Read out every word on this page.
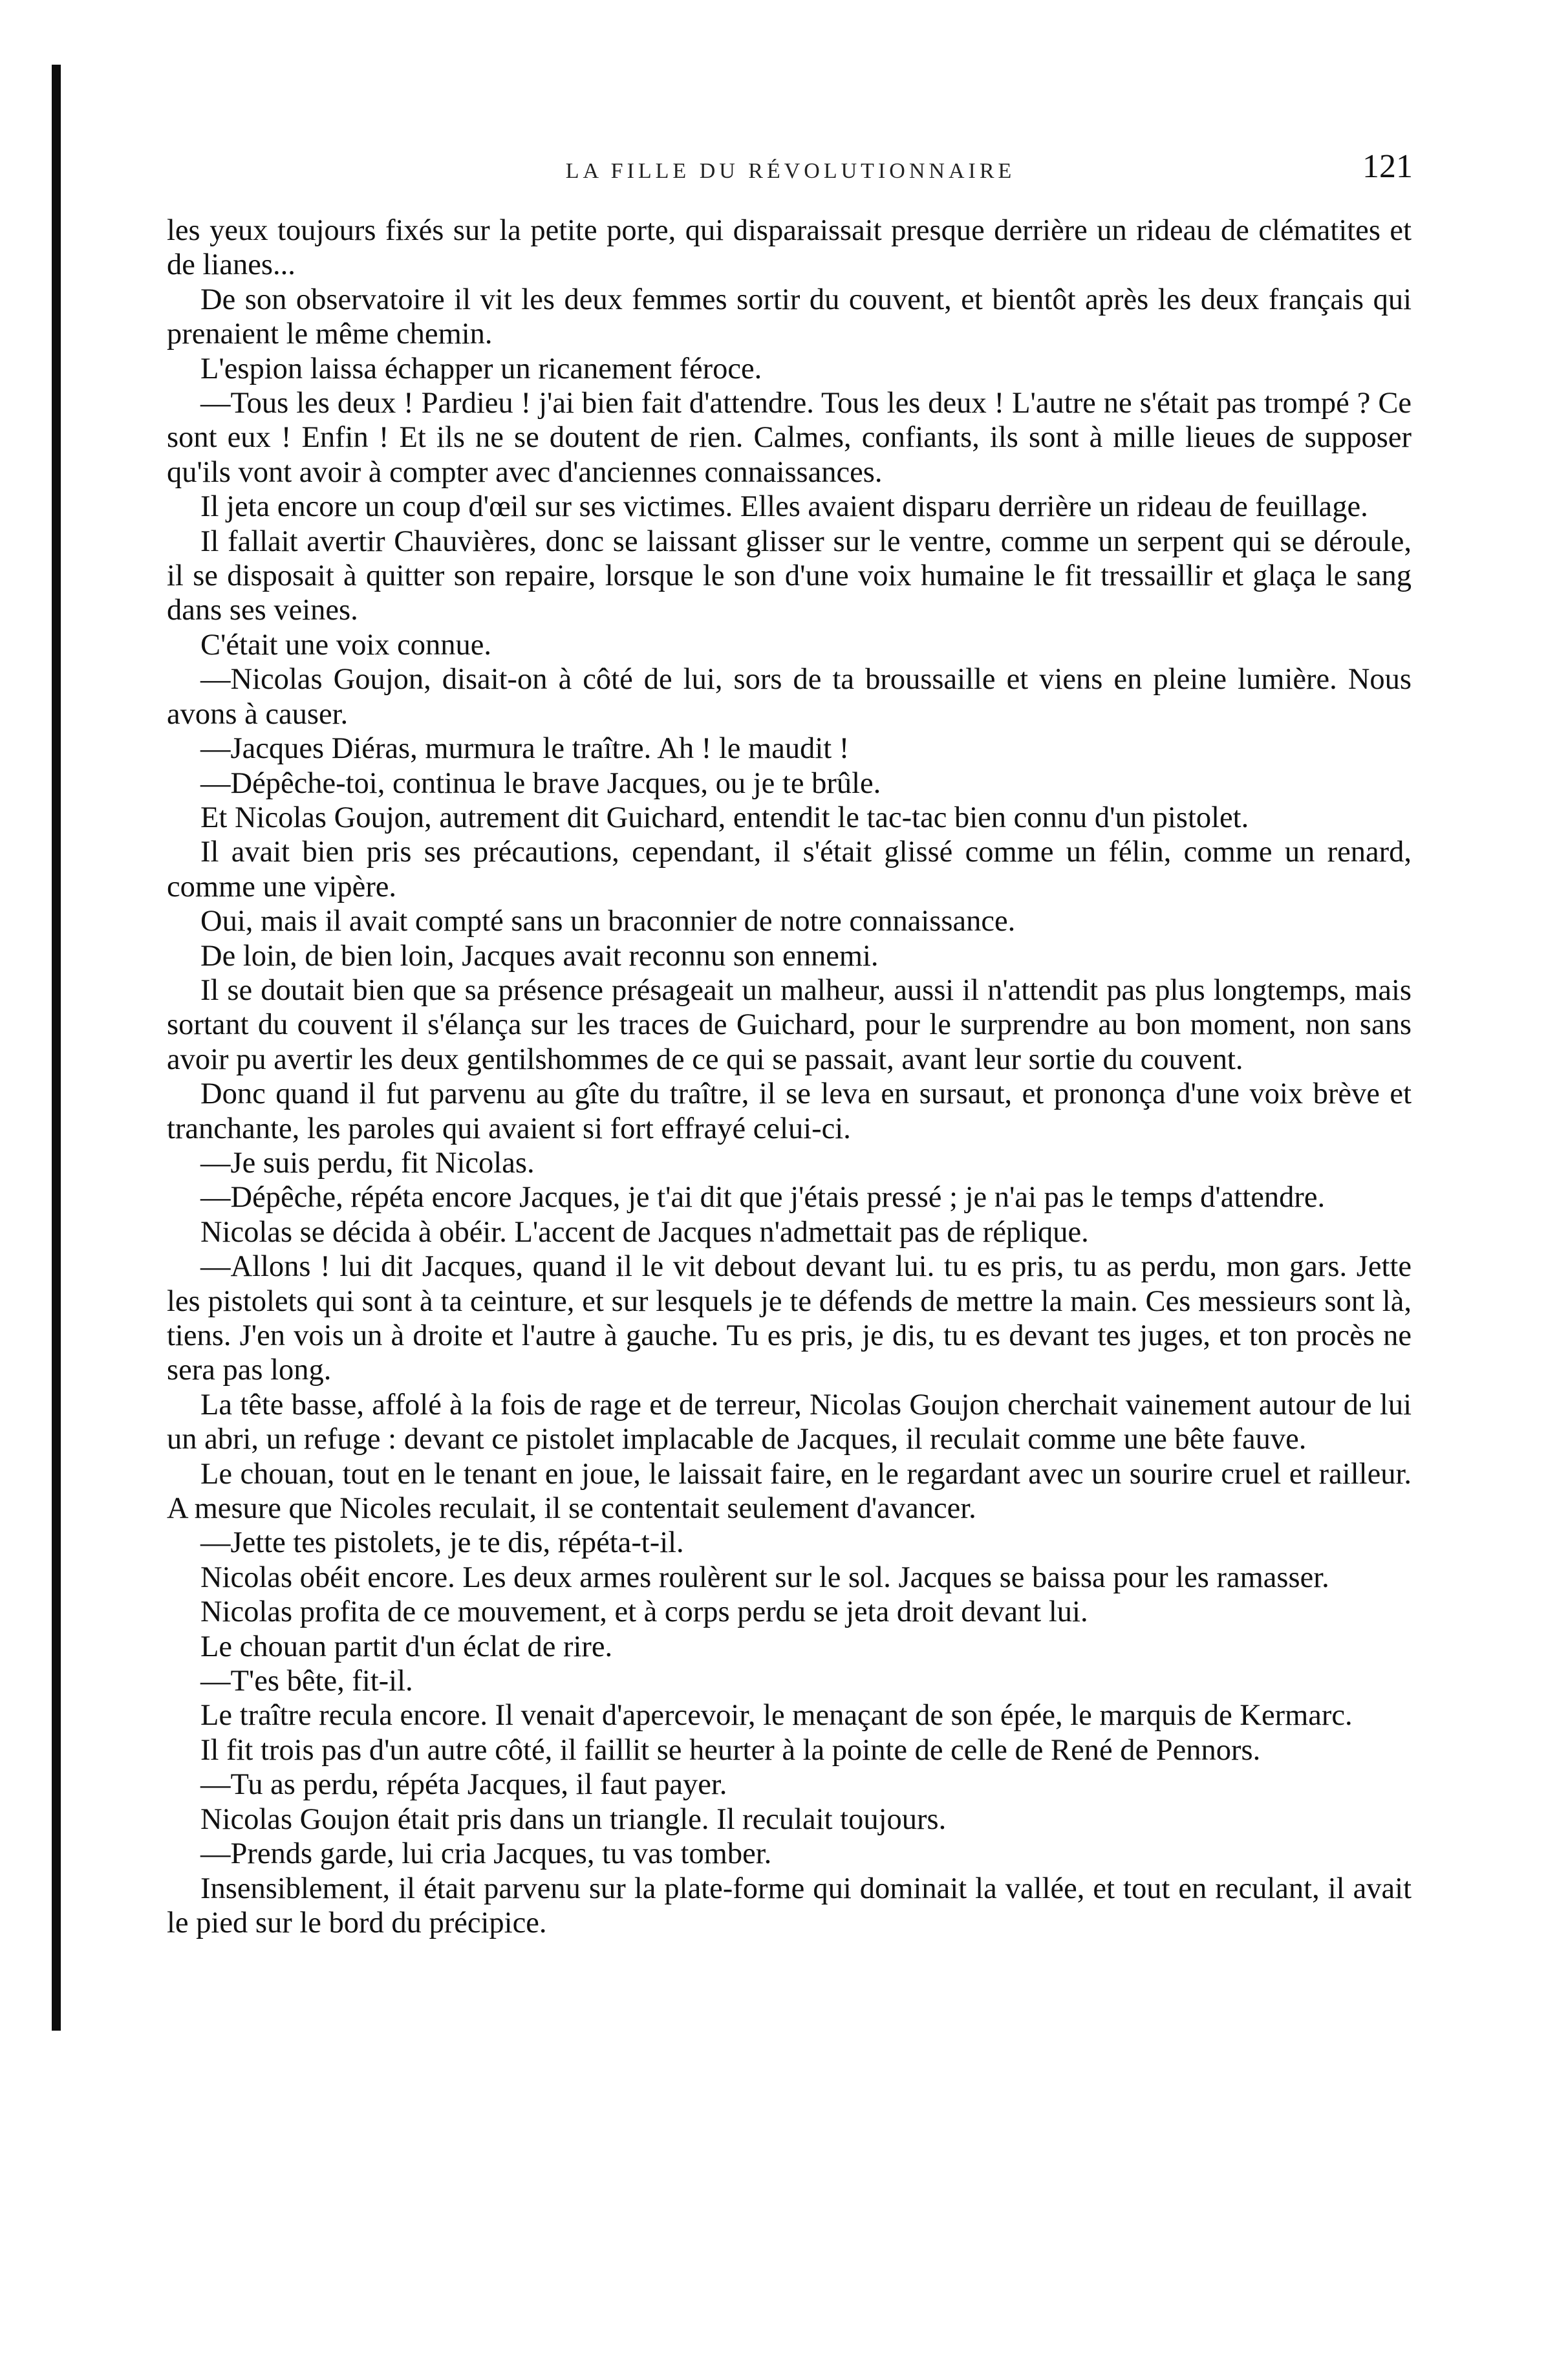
LA FILLE DU RÉVOLUTIONNAIRE	121

les yeux toujours fixés sur la petite porte, qui disparaissait presque derrière un rideau de clématites et de lianes...

De son observatoire il vit les deux femmes sortir du couvent, et bientôt après les deux français qui prenaient le même chemin.

L'espion laissa échapper un ricanement féroce.

—Tous les deux ! Pardieu ! j'ai bien fait d'attendre. Tous les deux ! L'autre ne s'était pas trompé ? Ce sont eux ! Enfin ! Et ils ne se doutent de rien. Calmes, confiants, ils sont à mille lieues de supposer qu'ils vont avoir à compter avec d'anciennes connaissances.

Il jeta encore un coup d'œil sur ses victimes. Elles avaient disparu derrière un rideau de feuillage.

Il fallait avertir Chauvières, donc se laissant glisser sur le ventre, comme un serpent qui se déroule, il se disposait à quitter son repaire, lorsque le son d'une voix humaine le fit tressaillir et glaça le sang dans ses veines.

C'était une voix connue.

—Nicolas Goujon, disait-on à côté de lui, sors de ta broussaille et viens en pleine lumière. Nous avons à causer.

—Jacques Diéras, murmura le traître. Ah ! le maudit !

—Dépêche-toi, continua le brave Jacques, ou je te brûle.

Et Nicolas Goujon, autrement dit Guichard, entendit le tac-tac bien connu d'un pistolet.

Il avait bien pris ses précautions, cependant, il s'était glissé comme un félin, comme un renard, comme une vipère.

Oui, mais il avait compté sans un braconnier de notre connaissance.

De loin, de bien loin, Jacques avait reconnu son ennemi.

Il se doutait bien que sa présence présageait un malheur, aussi il n'attendit pas plus longtemps, mais sortant du couvent il s'élança sur les traces de Guichard, pour le surprendre au bon moment, non sans avoir pu avertir les deux gentilshommes de ce qui se passait, avant leur sortie du couvent.

Donc quand il fut parvenu au gîte du traître, il se leva en sursaut, et prononça d'une voix brève et tranchante, les paroles qui avaient si fort effrayé celui-ci.

—Je suis perdu, fit Nicolas.

—Dépêche, répéta encore Jacques, je t'ai dit que j'étais pressé ; je n'ai pas le temps d'attendre.

Nicolas se décida à obéir. L'accent de Jacques n'admettait pas de réplique.

—Allons ! lui dit Jacques, quand il le vit debout devant lui. tu es pris, tu as perdu, mon gars. Jette les pistolets qui sont à ta ceinture, et sur lesquels je te défends de mettre la main. Ces messieurs sont là, tiens. J'en vois un à droite et l'autre à gauche. Tu es pris, je dis, tu es devant tes juges, et ton procès ne sera pas long.

La tête basse, affolé à la fois de rage et de terreur, Nicolas Goujon cherchait vainement autour de lui un abri, un refuge : devant ce pistolet implacable de Jacques, il reculait comme une bête fauve.

Le chouan, tout en le tenant en joue, le laissait faire, en le regardant avec un sourire cruel et railleur. A mesure que Nicoles reculait, il se contentait seulement d'avancer.

—Jette tes pistolets, je te dis, répéta-t-il.

Nicolas obéit encore. Les deux armes roulèrent sur le sol. Jacques se baissa pour les ramasser.

Nicolas profita de ce mouvement, et à corps perdu se jeta droit devant lui.

Le chouan partit d'un éclat de rire.

—T'es bête, fit-il.

Le traître recula encore. Il venait d'apercevoir, le menaçant de son épée, le marquis de Kermarc.

Il fit trois pas d'un autre côté, il faillit se heurter à la pointe de celle de René de Pennors.

—Tu as perdu, répéta Jacques, il faut payer.

Nicolas Goujon était pris dans un triangle. Il reculait toujours.

—Prends garde, lui cria Jacques, tu vas tomber.

Insensiblement, il était parvenu sur la plate-forme qui dominait la vallée, et tout en reculant, il avait le pied sur le bord du précipice.
